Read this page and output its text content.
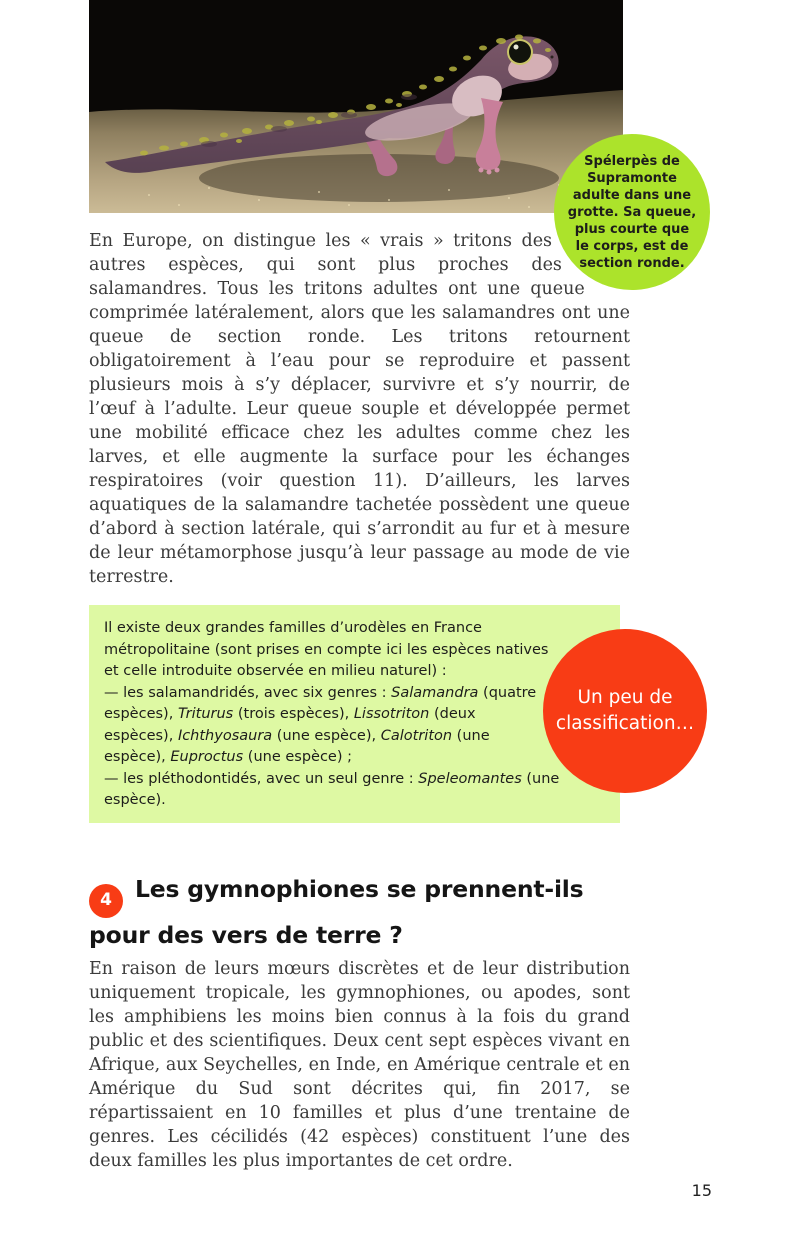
Spélerpès de Supramonte adulte dans une grotte. Sa queue, plus courte que le corps, est de section ronde.

En Europe, on distingue les « vrais » tritons des autres espèces, qui sont plus proches des salamandres. Tous les tritons adultes ont une queue comprimée latéralement, alors que les salamandres ont une queue de section ronde. Les tritons retournent obligatoirement à l’eau pour se reproduire et passent plusieurs mois à s’y déplacer, survivre et s’y nourrir, de l’œuf à l’adulte. Leur queue souple et développée permet une mobilité efficace chez les adultes comme chez les larves, et elle augmente la surface pour les échanges respiratoires (voir question 11). D’ailleurs, les larves aquatiques de la salamandre tachetée possèdent une queue d’abord à section latérale, qui s’arrondit au fur et à mesure de leur métamorphose jusqu’à leur passage au mode de vie terrestre.

Il existe deux grandes familles d’urodèles en France métropolitaine (sont prises en compte ici les espèces natives et celle introduite observée en milieu naturel) :
— les salamandridés, avec six genres : Salamandra (quatre espèces), Triturus (trois espèces), Lissotriton (deux espèces), Ichthyosaura (une espèce), Calotriton (une espèce), Euproctus (une espèce) ;
— les pléthodontidés, avec un seul genre : Speleomantes (une espèce).
Un peu de classification…
4 Les gymnophiones se prennent-ils pour des vers de terre ?

En raison de leurs mœurs discrètes et de leur distribution uniquement tropicale, les gymnophiones, ou apodes, sont les amphibiens les moins bien connus à la fois du grand public et des scientifiques. Deux cent sept espèces vivant en Afrique, aux Seychelles, en Inde, en Amérique centrale et en Amérique du Sud sont décrites qui, fin 2017, se répartissaient en 10 familles et plus d’une trentaine de genres. Les cécilidés (42 espèces) constituent l’une des deux familles les plus importantes de cet ordre.

15
